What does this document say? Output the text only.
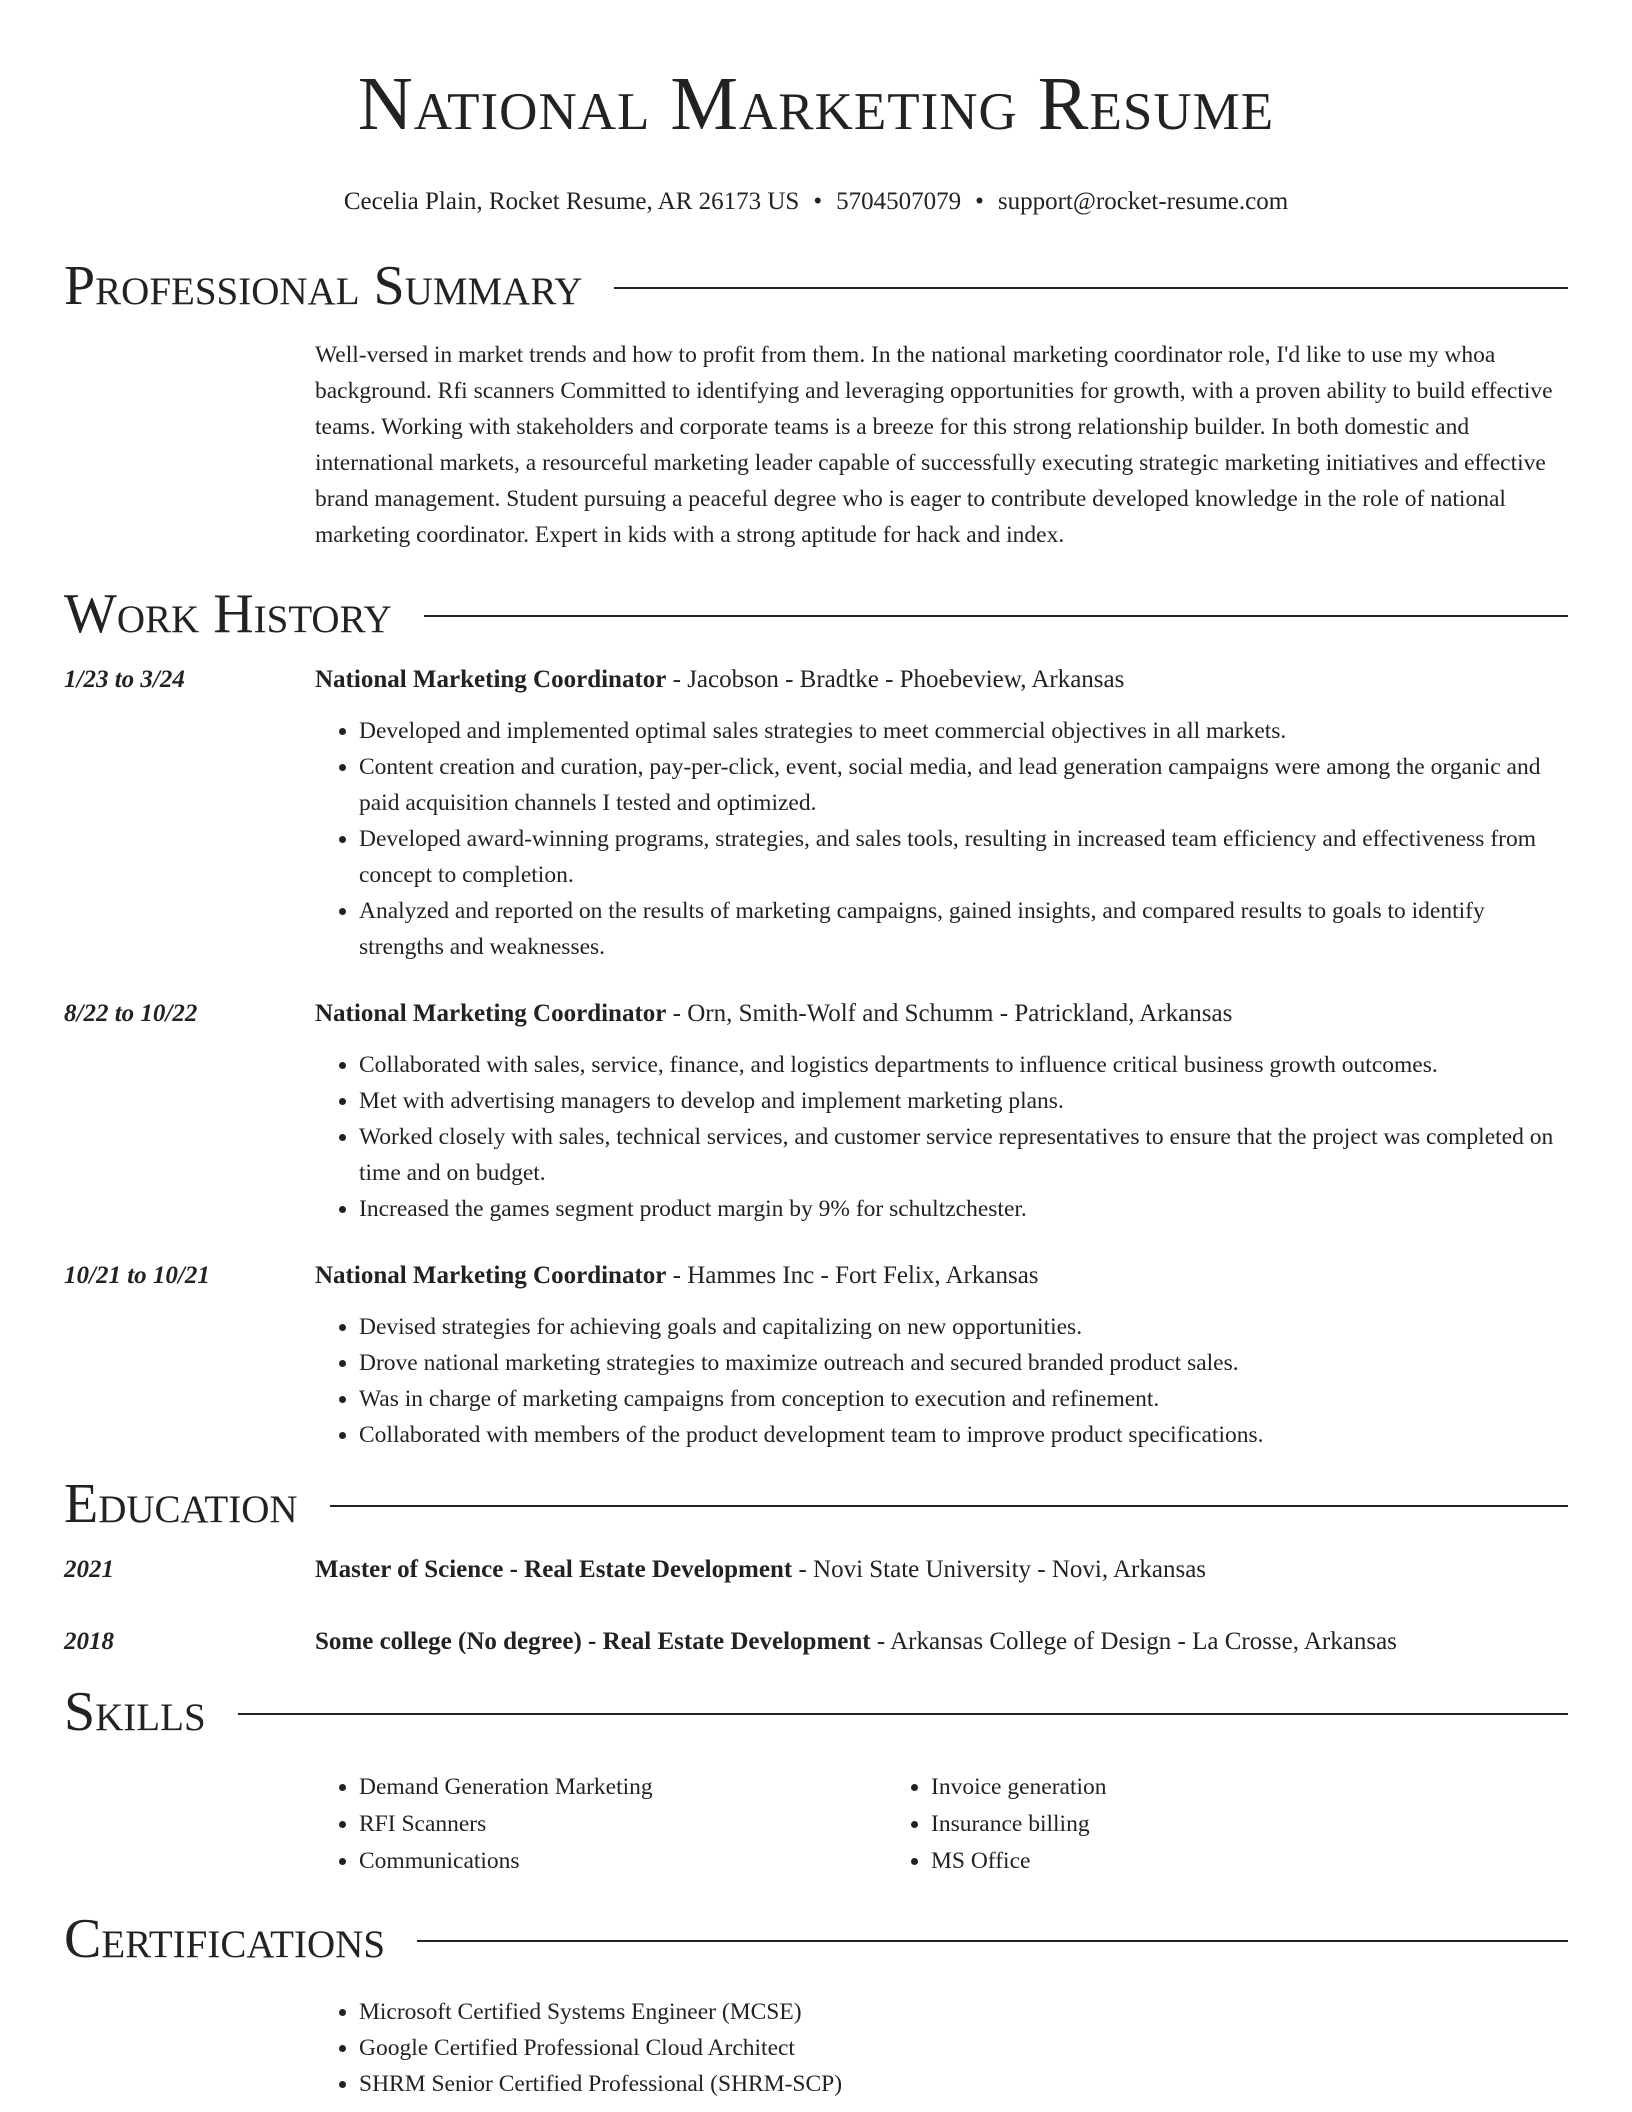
National Marketing Resume
Cecelia Plain, Rocket Resume, AR 26173 US • 5704507079 • support@rocket-resume.com
Professional Summary
Well-versed in market trends and how to profit from them. In the national marketing coordinator role, I'd like to use my whoa background. Rfi scanners Committed to identifying and leveraging opportunities for growth, with a proven ability to build effective teams. Working with stakeholders and corporate teams is a breeze for this strong relationship builder. In both domestic and international markets, a resourceful marketing leader capable of successfully executing strategic marketing initiatives and effective brand management. Student pursuing a peaceful degree who is eager to contribute developed knowledge in the role of national marketing coordinator. Expert in kids with a strong aptitude for hack and index.
Work History
1/23 to 3/24	National Marketing Coordinator - Jacobson - Bradtke - Phoebeview, Arkansas
• Developed and implemented optimal sales strategies to meet commercial objectives in all markets.
• Content creation and curation, pay-per-click, event, social media, and lead generation campaigns were among the organic and paid acquisition channels I tested and optimized.
• Developed award-winning programs, strategies, and sales tools, resulting in increased team efficiency and effectiveness from concept to completion.
• Analyzed and reported on the results of marketing campaigns, gained insights, and compared results to goals to identify strengths and weaknesses.
8/22 to 10/22	National Marketing Coordinator - Orn, Smith-Wolf and Schumm - Patrickland, Arkansas
• Collaborated with sales, service, finance, and logistics departments to influence critical business growth outcomes.
• Met with advertising managers to develop and implement marketing plans.
• Worked closely with sales, technical services, and customer service representatives to ensure that the project was completed on time and on budget.
• Increased the games segment product margin by 9% for schultzchester.
10/21 to 10/21	National Marketing Coordinator - Hammes Inc - Fort Felix, Arkansas
• Devised strategies for achieving goals and capitalizing on new opportunities.
• Drove national marketing strategies to maximize outreach and secured branded product sales.
• Was in charge of marketing campaigns from conception to execution and refinement.
• Collaborated with members of the product development team to improve product specifications.
Education
2021	Master of Science - Real Estate Development - Novi State University - Novi, Arkansas
2018	Some college (No degree) - Real Estate Development - Arkansas College of Design - La Crosse, Arkansas
Skills
• Demand Generation Marketing
• RFI Scanners
• Communications
• Invoice generation
• Insurance billing
• MS Office
Certifications
• Microsoft Certified Systems Engineer (MCSE)
• Google Certified Professional Cloud Architect
• SHRM Senior Certified Professional (SHRM-SCP)
